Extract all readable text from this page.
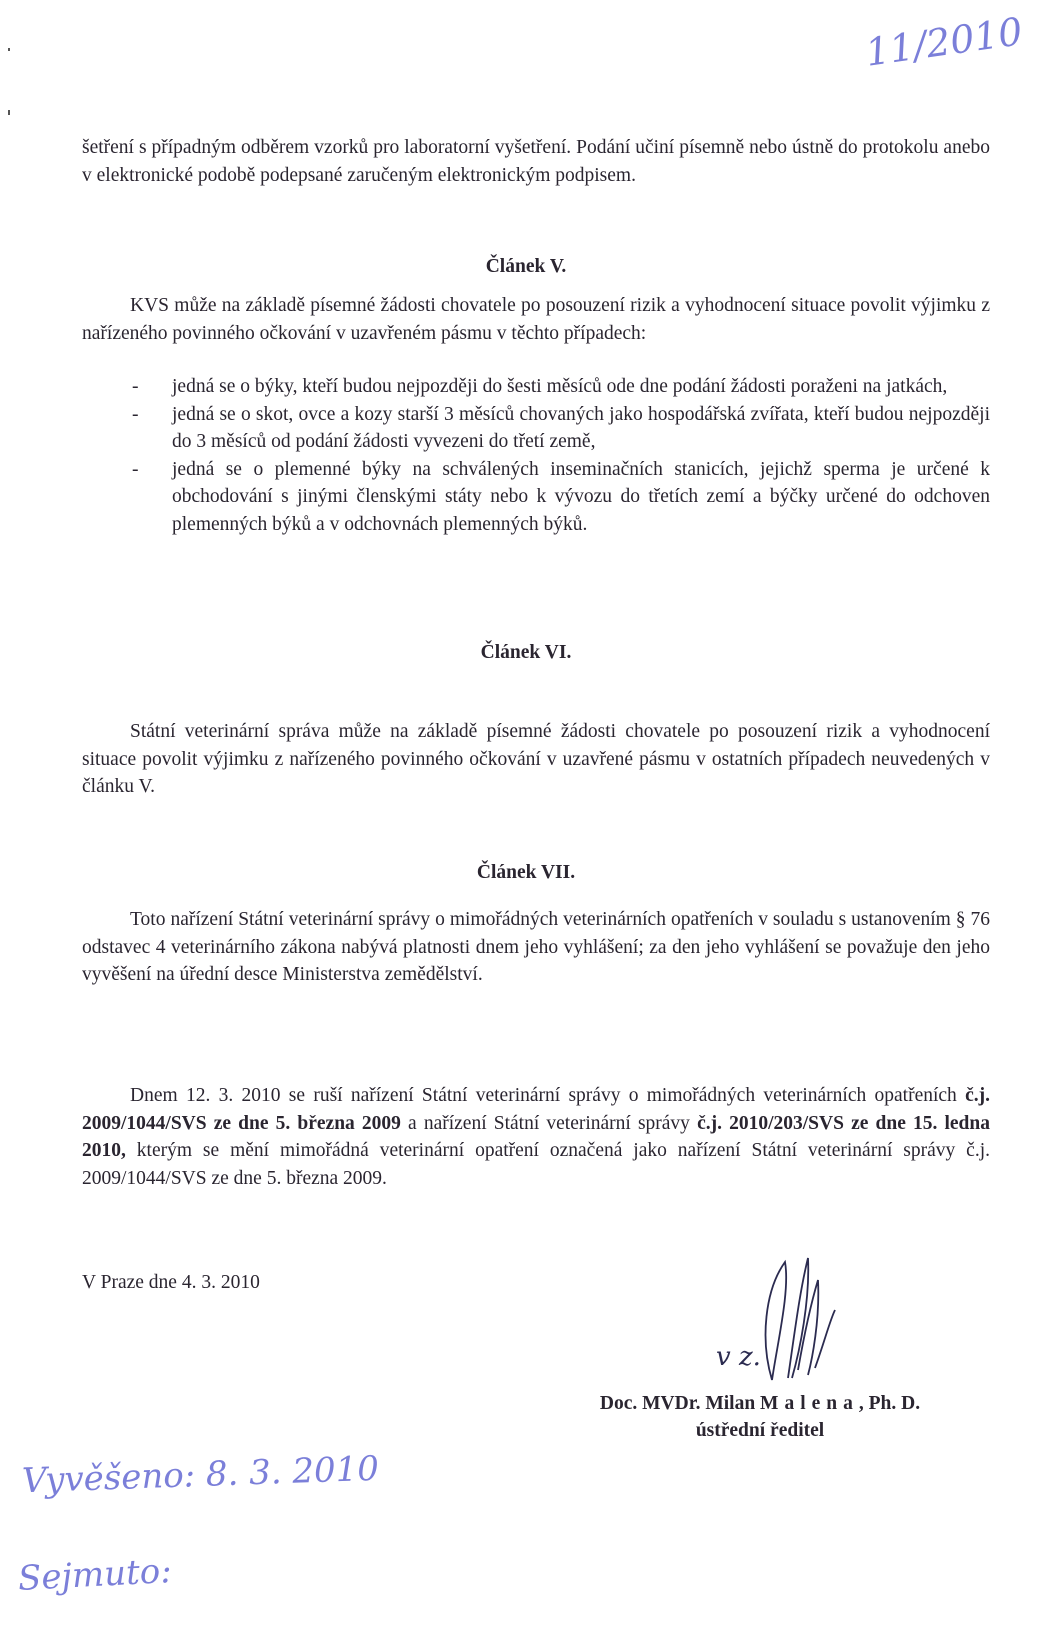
11/2010
šetření s případným odběrem vzorků pro laboratorní vyšetření. Podání učiní písemně nebo ústně do protokolu anebo v elektronické podobě podepsané zaručeným elektronickým podpisem.
Článek V.
KVS může na základě písemné žádosti chovatele po posouzení rizik a vyhodnocení situace povolit výjimku z nařízeného povinného očkování v uzavřeném pásmu v těchto případech:
- jedná se o býky, kteří budou nejpozději do šesti měsíců ode dne podání žádosti poraženi na jatkách,
- jedná se o skot, ovce a kozy starší 3 měsíců chovaných jako hospodářská zvířata, kteří budou nejpozději do 3 měsíců od podání žádosti vyvezeni do třetí země,
- jedná se o plemenné býky na schválených inseminačních stanicích, jejichž sperma je určené k obchodování s jinými členskými státy nebo k vývozu do třetích zemí a býčky určené do odchoven plemenných býků a v odchovnách plemenných býků.
Článek VI.
Státní veterinární správa může na základě písemné žádosti chovatele po posouzení rizik a vyhodnocení situace povolit výjimku z nařízeného povinného očkování v uzavřené pásmu v ostatních případech neuvedených v článku V.
Článek VII.
Toto nařízení Státní veterinární správy o mimořádných veterinárních opatřeních v souladu s ustanovením § 76 odstavec 4 veterinárního zákona nabývá platnosti dnem jeho vyhlášení; za den jeho vyhlášení se považuje den jeho vyvěšení na úřední desce Ministerstva zemědělství.
Dnem 12. 3. 2010 se ruší nařízení Státní veterinární správy o mimořádných veterinárních opatřeních č.j. 2009/1044/SVS ze dne 5. března 2009 a nařízení Státní veterinární správy č.j. 2010/203/SVS ze dne 15. ledna 2010, kterým se mění mimořádná veterinární opatření označená jako nařízení Státní veterinární správy č.j. 2009/1044/SVS ze dne 5. března 2009.
V Praze dne 4. 3. 2010
v z.
Doc. MVDr. Milan Malena, Ph. D.
ústřední ředitel
Vyvěšeno: 8. 3. 2010
Sejmuto:
